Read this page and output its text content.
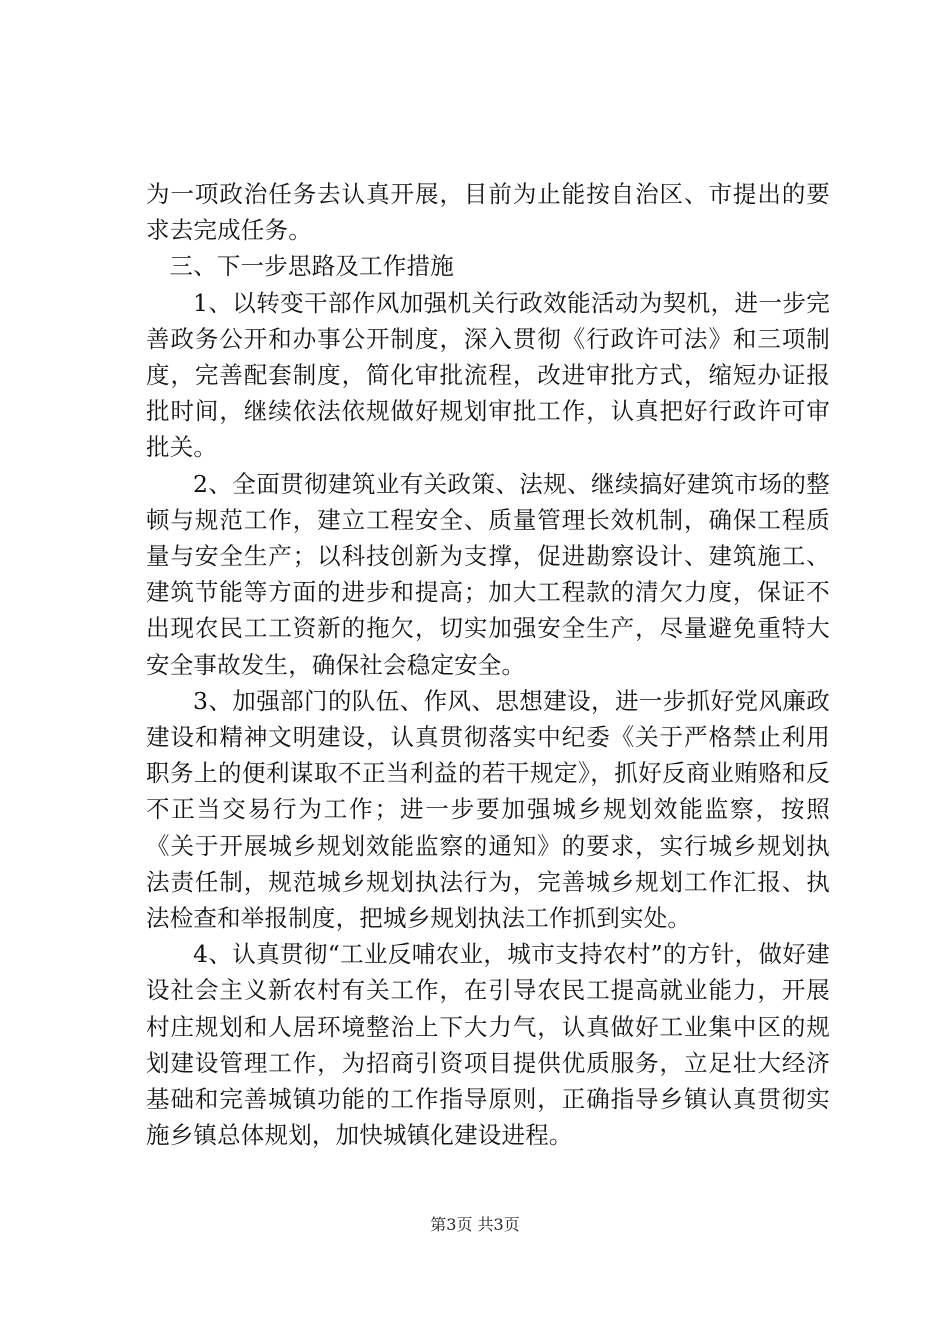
为一项政治任务去认真开展，目前为止能按自治区、市提出的要求去完成任务。

三、下一步思路及工作措施

1、以转变干部作风加强机关行政效能活动为契机，进一步完善政务公开和办事公开制度，深入贯彻《行政许可法》和三项制度，完善配套制度，简化审批流程，改进审批方式，缩短办证报批时间，继续依法依规做好规划审批工作，认真把好行政许可审批关。

2、全面贯彻建筑业有关政策、法规、继续搞好建筑市场的整顿与规范工作，建立工程安全、质量管理长效机制，确保工程质量与安全生产；以科技创新为支撑，促进勘察设计、建筑施工、建筑节能等方面的进步和提高；加大工程款的清欠力度，保证不出现农民工工资新的拖欠，切实加强安全生产，尽量避免重特大安全事故发生，确保社会稳定安全。

3、加强部门的队伍、作风、思想建设，进一步抓好党风廉政建设和精神文明建设，认真贯彻落实中纪委《关于严格禁止利用职务上的便利谋取不正当利益的若干规定》，抓好反商业贿赂和反不正当交易行为工作；进一步要加强城乡规划效能监察，按照《关于开展城乡规划效能监察的通知》的要求，实行城乡规划执法责任制，规范城乡规划执法行为，完善城乡规划工作汇报、执法检查和举报制度，把城乡规划执法工作抓到实处。

4、认真贯彻“工业反哺农业，城市支持农村”的方针，做好建设社会主义新农村有关工作，在引导农民工提高就业能力，开展村庄规划和人居环境整治上下大力气，认真做好工业集中区的规划建设管理工作，为招商引资项目提供优质服务，立足壮大经济基础和完善城镇功能的工作指导原则，正确指导乡镇认真贯彻实施乡镇总体规划，加快城镇化建设进程。

第3页 共3页
